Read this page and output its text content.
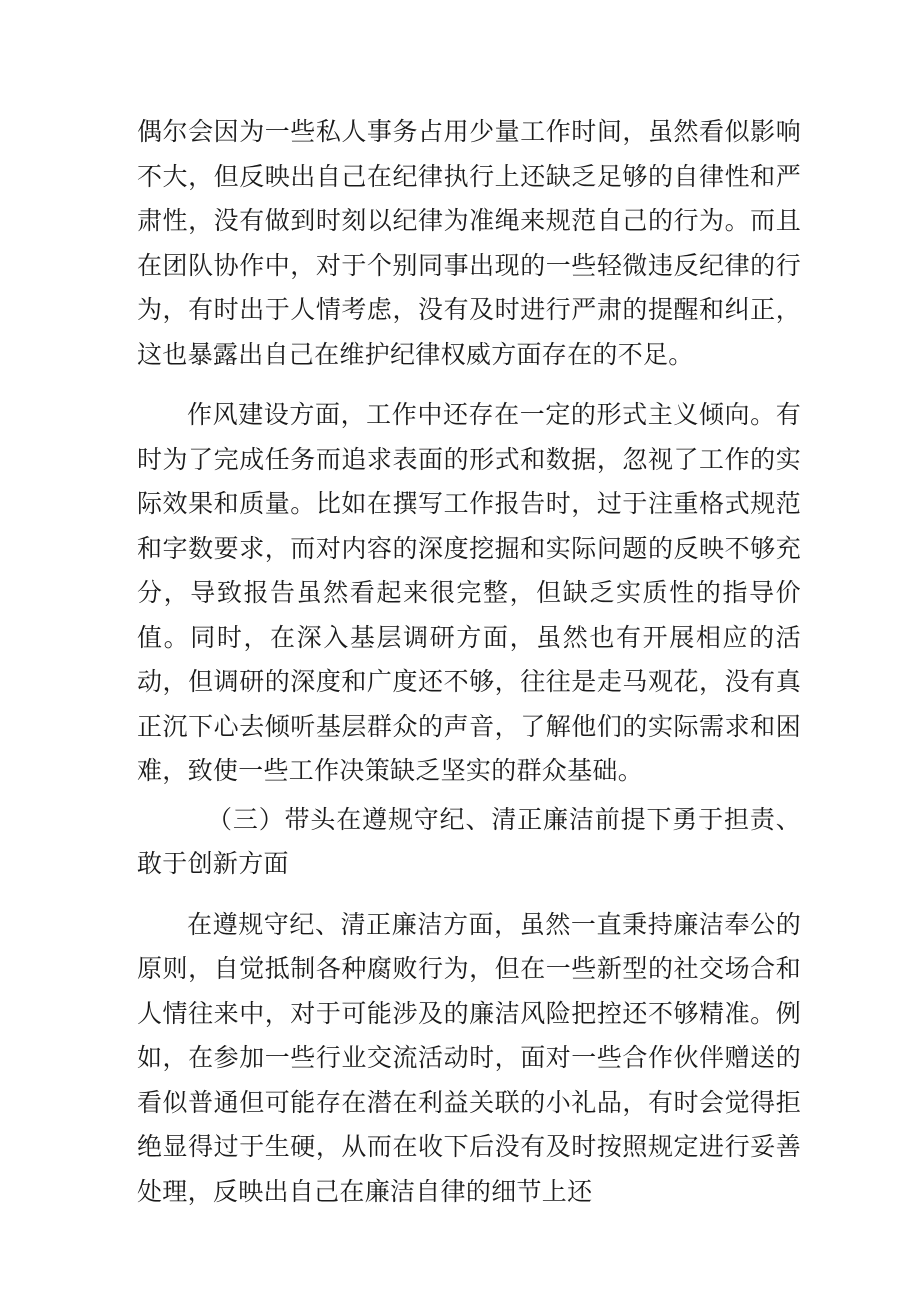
偶尔会因为一些私人事务占用少量工作时间，虽然看似影响不大，但反映出自己在纪律执行上还缺乏足够的自律性和严肃性，没有做到时刻以纪律为准绳来规范自己的行为。而且在团队协作中，对于个别同事出现的一些轻微违反纪律的行为，有时出于人情考虑，没有及时进行严肃的提醒和纠正，这也暴露出自己在维护纪律权威方面存在的不足。

作风建设方面，工作中还存在一定的形式主义倾向。有时为了完成任务而追求表面的形式和数据，忽视了工作的实际效果和质量。比如在撰写工作报告时，过于注重格式规范和字数要求，而对内容的深度挖掘和实际问题的反映不够充分，导致报告虽然看起来很完整，但缺乏实质性的指导价值。同时，在深入基层调研方面，虽然也有开展相应的活动，但调研的深度和广度还不够，往往是走马观花，没有真正沉下心去倾听基层群众的声音，了解他们的实际需求和困难，致使一些工作决策缺乏坚实的群众基础。

（三）带头在遵规守纪、清正廉洁前提下勇于担责、敢于创新方面

在遵规守纪、清正廉洁方面，虽然一直秉持廉洁奉公的原则，自觉抵制各种腐败行为，但在一些新型的社交场合和人情往来中，对于可能涉及的廉洁风险把控还不够精准。例如，在参加一些行业交流活动时，面对一些合作伙伴赠送的看似普通但可能存在潜在利益关联的小礼品，有时会觉得拒绝显得过于生硬，从而在收下后没有及时按照规定进行妥善处理，反映出自己在廉洁自律的细节上还
